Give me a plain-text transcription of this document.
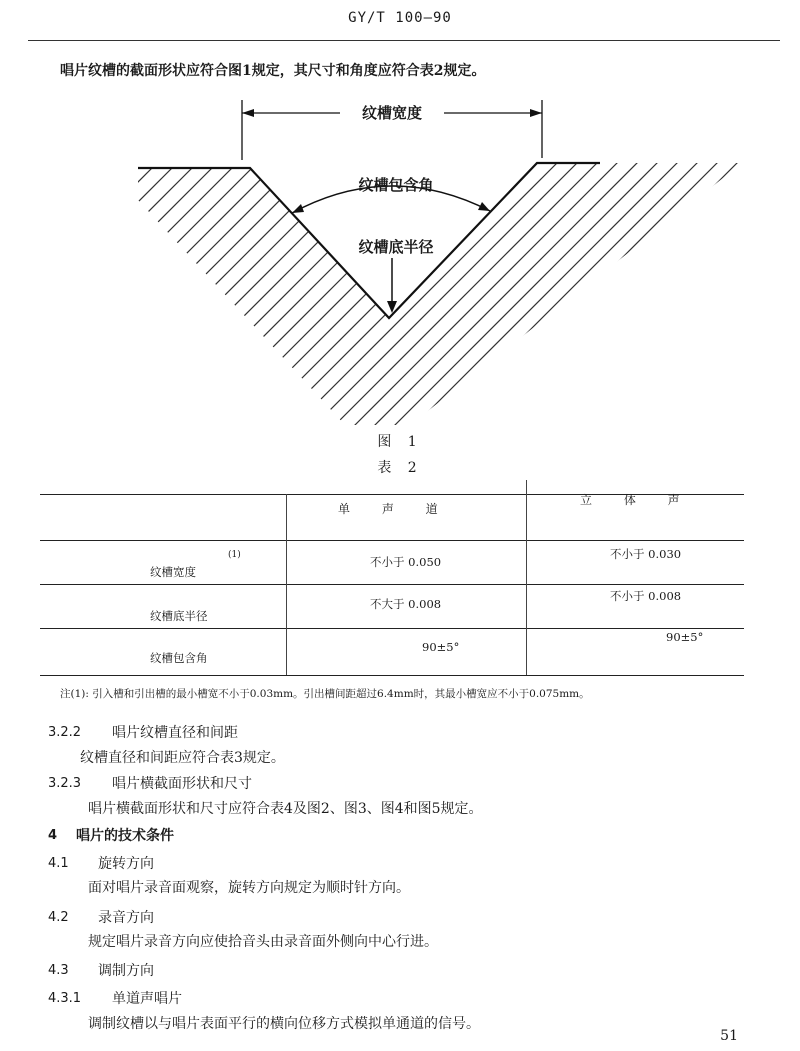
GY/T 100—90
唱片纹槽的截面形状应符合图1规定，其尺寸和角度应符合表2规定。
纹槽宽度
纹槽包含角
纹槽底半径
图 1
表 2
单 声 道
立 体 声
纹槽宽度
(1)	不小于 0.050
不小于 0.030
纹槽底半径
不大于 0.008
不小于 0.008
纹槽包含角
90±5°
90±5°
注(1): 引入槽和引出槽的最小槽宽不小于0.03mm。引出槽间距超过6.4mm时，其最小槽宽应不小于0.075mm。
3.2.2 唱片纹槽直径和间距
纹槽直径和间距应符合表3规定。
3.2.3 唱片横截面形状和尺寸
唱片横截面形状和尺寸应符合表4及图2、图3、图4和图5规定。
4 唱片的技术条件
4.1 旋转方向
面对唱片录音面观察，旋转方向规定为顺时针方向。
4.2 录音方向
规定唱片录音方向应使拾音头由录音面外侧向中心行进。
4.3 调制方向
4.3.1 单道声唱片
调制纹槽以与唱片表面平行的横向位移方式模拟单通道的信号。
51
